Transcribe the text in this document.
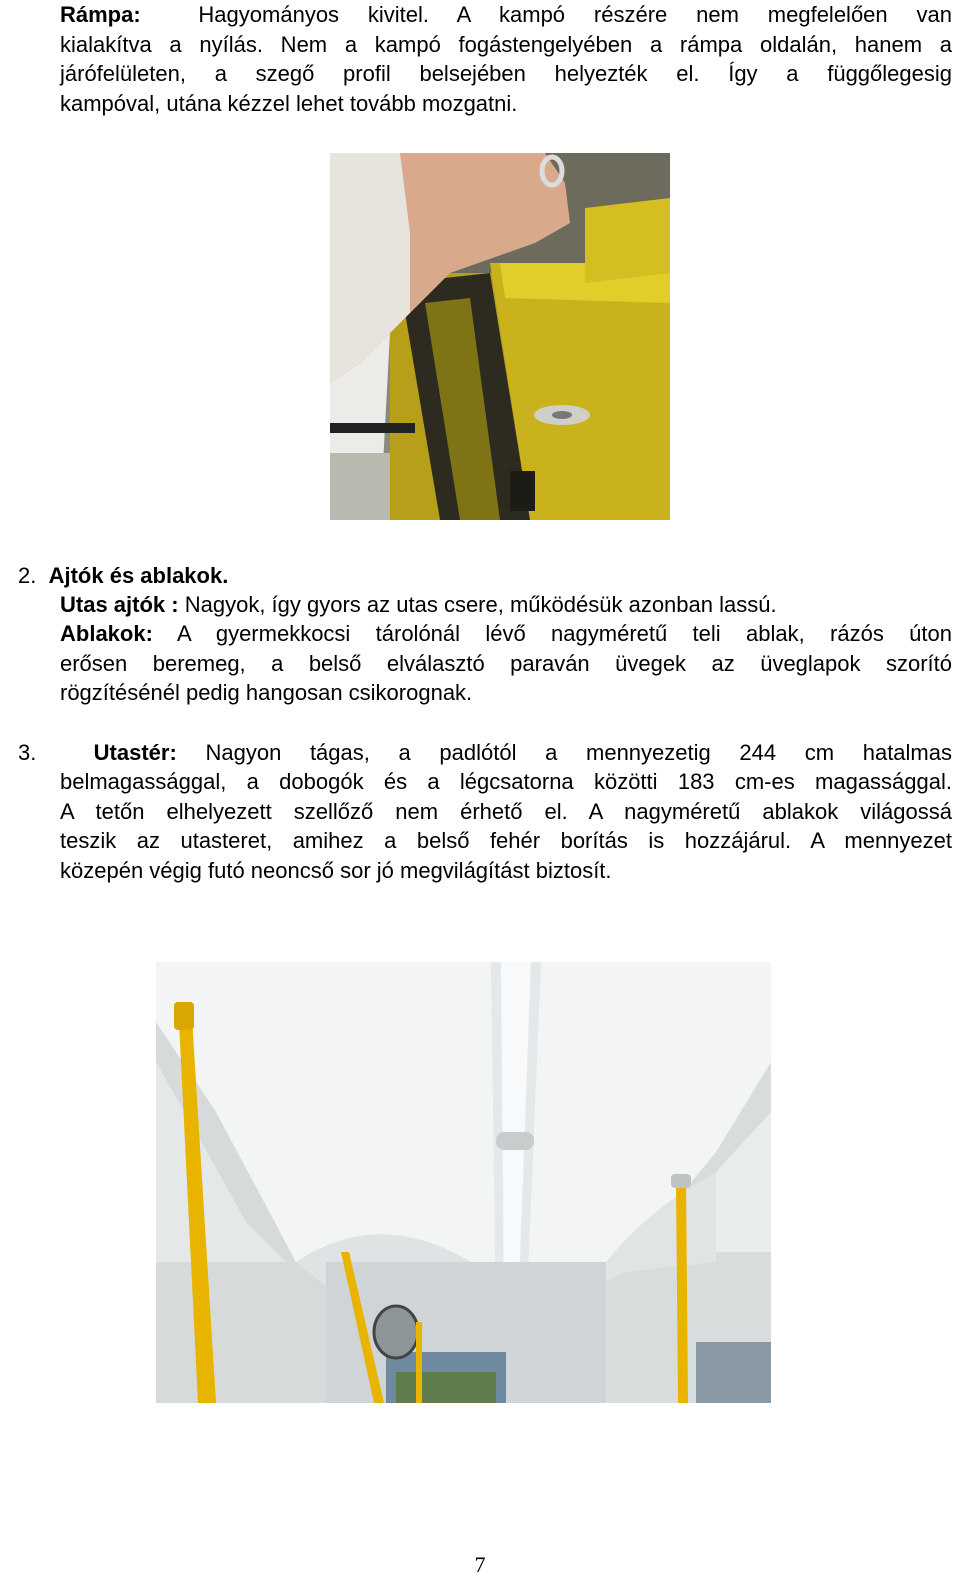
Rámpa:	Hagyományos kivitel. A kampó részére nem megfelelően van
kialakítva a nyílás. Nem a kampó fogástengelyében a rámpa oldalán, hanem a
járófelületen, a szegő profil belsejében helyezték el. Így a függőlegesig
kampóval, utána kézzel lehet tovább mozgatni.

2. Ajtók és ablakok.
Utas ajtók : Nagyok, így gyors az utas csere, működésük azonban lassú.
Ablakok: A gyermekkocsi tárolónál lévő nagyméretű teli ablak, rázós úton
erősen beremeg, a belső elválasztó paraván üvegek az üveglapok szorító
rögzítésénél pedig hangosan csikorognak.
3.	Utastér: Nagyon tágas, a padlótól a mennyezetig 244 cm hatalmas
belmagassággal, a dobogók és a légcsatorna közötti 183 cm-es magassággal.
A tetőn elhelyezett szellőző nem érhető el. A nagyméretű ablakok világossá
teszik az utasteret, amihez a belső fehér borítás is hozzájárul. A mennyezet
közepén végig futó neoncső sor jó megvilágítást biztosít.
7
